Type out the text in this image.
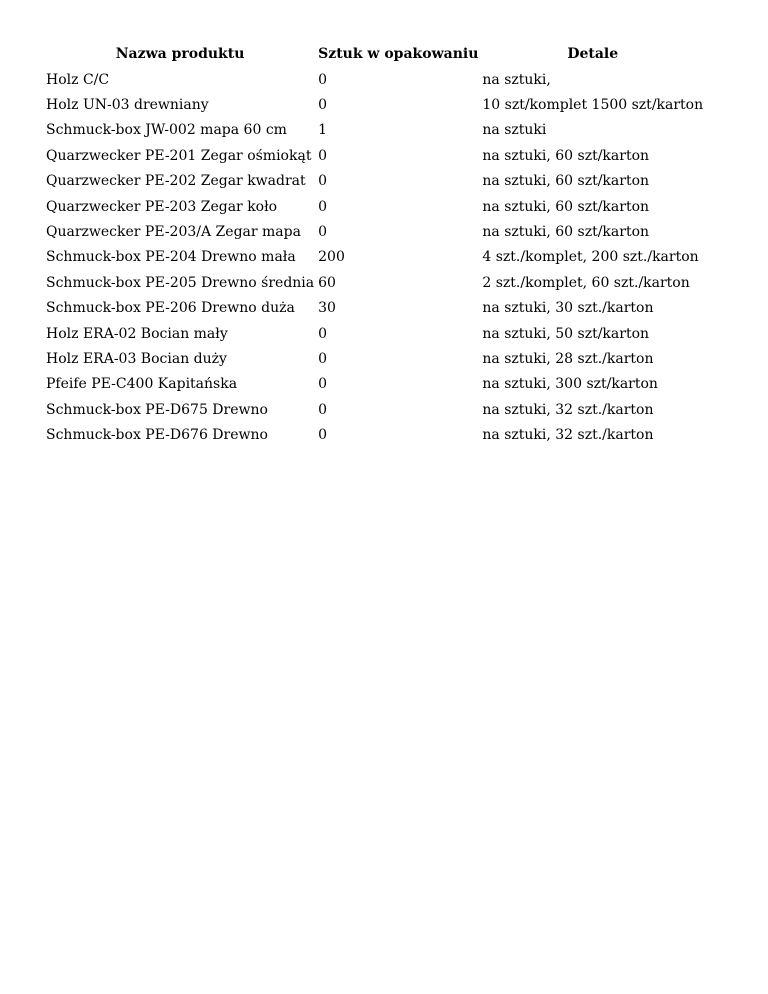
Nazwa produktu	Sztuk w opakowaniu	Detale
Holz C/C	0	na sztuki,
Holz UN-03 drewniany	0	10 szt/komplet 1500 szt/karton
Schmuck-box JW-002 mapa 60 cm	1	na sztuki
Quarzwecker PE-201 Zegar ośmiokąt	0	na sztuki, 60 szt/karton
Quarzwecker PE-202 Zegar kwadrat	0	na sztuki, 60 szt/karton
Quarzwecker PE-203 Zegar koło	0	na sztuki, 60 szt/karton
Quarzwecker PE-203/A Zegar mapa	0	na sztuki, 60 szt/karton
Schmuck-box PE-204 Drewno mała	200	4 szt./komplet, 200 szt./karton
Schmuck-box PE-205 Drewno średnia	60	2 szt./komplet, 60 szt./karton
Schmuck-box PE-206 Drewno duża	30	na sztuki, 30 szt./karton
Holz ERA-02 Bocian mały	0	na sztuki, 50 szt/karton
Holz ERA-03 Bocian duży	0	na sztuki, 28 szt./karton
Pfeife PE-C400 Kapitańska	0	na sztuki, 300 szt/karton
Schmuck-box PE-D675 Drewno	0	na sztuki, 32 szt./karton
Schmuck-box PE-D676 Drewno	0	na sztuki, 32 szt./karton
